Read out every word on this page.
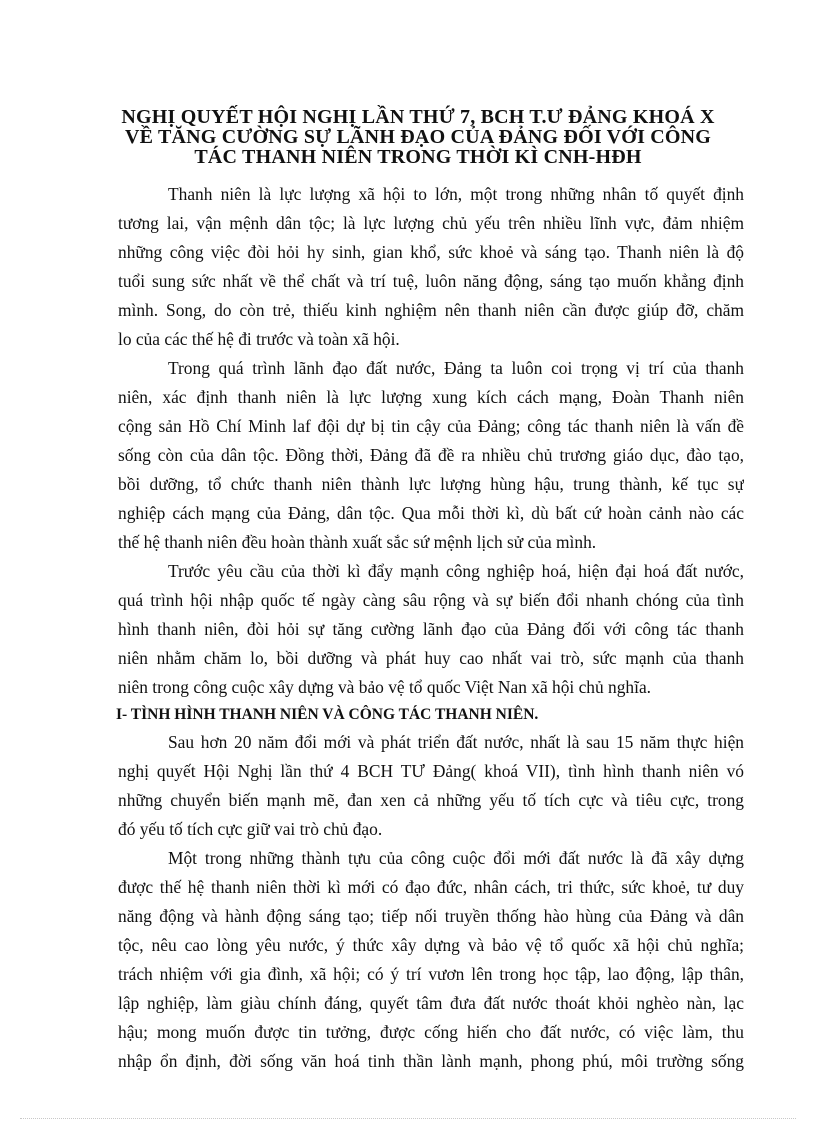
NGHỊ QUYẾT HỘI NGHỊ LẦN THỨ 7, BCH T.Ư ĐẢNG KHOÁ X
VỀ TĂNG CƯỜNG SỰ LÃNH ĐẠO CỦA ĐẢNG ĐỐI VỚI CÔNG
TÁC THANH NIÊN TRONG THỜI KÌ CNH-HĐH
Thanh niên là lực lượng xã hội to lớn, một trong những nhân tố quyết định
tương lai, vận mệnh dân tộc; là lực lượng chủ yếu trên nhiều lĩnh vực, đảm nhiệm
những công việc đòi hỏi hy sinh, gian khổ, sức khoẻ và sáng tạo. Thanh niên là độ
tuổi sung sức nhất về thể chất và trí tuệ, luôn năng động, sáng tạo muốn khẳng định
mình. Song, do còn trẻ, thiếu kinh nghiệm nên thanh niên cần được giúp đỡ, chăm
lo của các thế hệ đi trước và toàn xã hội.
Trong quá trình lãnh đạo đất nước, Đảng ta luôn coi trọng vị trí của thanh
niên, xác định thanh niên là lực lượng xung kích cách mạng, Đoàn Thanh niên
cộng sản Hồ Chí Minh laf đội dự bị tin cậy của Đảng; công tác thanh niên là vấn đề
sống còn của dân tộc. Đồng thời, Đảng đã đề ra nhiều chủ trương giáo dục, đào tạo,
bồi dưỡng, tổ chức thanh niên thành lực lượng hùng hậu, trung thành, kế tục sự
nghiệp cách mạng của Đảng, dân tộc. Qua mỗi thời kì, dù bất cứ hoàn cảnh nào các
thế hệ thanh niên đều hoàn thành xuất sắc sứ mệnh lịch sử của mình.
Trước yêu cầu của thời kì đẩy mạnh công nghiệp hoá, hiện đại hoá đất nước,
quá trình hội nhập quốc tế ngày càng sâu rộng và sự biến đổi nhanh chóng của tình
hình thanh niên, đòi hỏi sự tăng cường lãnh đạo của Đảng đối với công tác thanh
niên nhằm chăm lo, bồi dưỡng và phát huy cao nhất vai trò, sức mạnh của thanh
niên trong công cuộc xây dựng và bảo vệ tổ quốc Việt Nan xã hội chủ nghĩa.
I- TÌNH HÌNH THANH NIÊN VÀ CÔNG TÁC THANH NIÊN.
Sau hơn 20 năm đổi mới và phát triển đất nước, nhất là sau 15 năm thực hiện
nghị quyết Hội Nghị lần thứ 4 BCH TƯ Đảng( khoá VII), tình hình thanh niên vó
những chuyển biến mạnh mẽ, đan xen cả những yếu tố tích cực và tiêu cực, trong
đó yếu tố tích cực giữ vai trò chủ đạo.
Một trong những thành tựu của công cuộc đổi mới đất nước là đã xây dựng
được thế hệ thanh niên thời kì mới có đạo đức, nhân cách, tri thức, sức khoẻ, tư duy
năng động và hành động sáng tạo; tiếp nối truyền thống hào hùng của Đảng và dân
tộc, nêu cao lòng yêu nước, ý thức xây dựng và bảo vệ tổ quốc xã hội chủ nghĩa;
trách nhiệm với gia đình, xã hội; có ý trí vươn lên trong học tập, lao động, lập thân,
lập nghiệp, làm giàu chính đáng, quyết tâm đưa đất nước thoát khỏi nghèo nàn, lạc
hậu; mong muốn được tin tưởng, được cống hiến cho đất nước, có việc làm, thu
nhập ổn định, đời sống văn hoá tinh thần lành mạnh, phong phú, môi trường sống
